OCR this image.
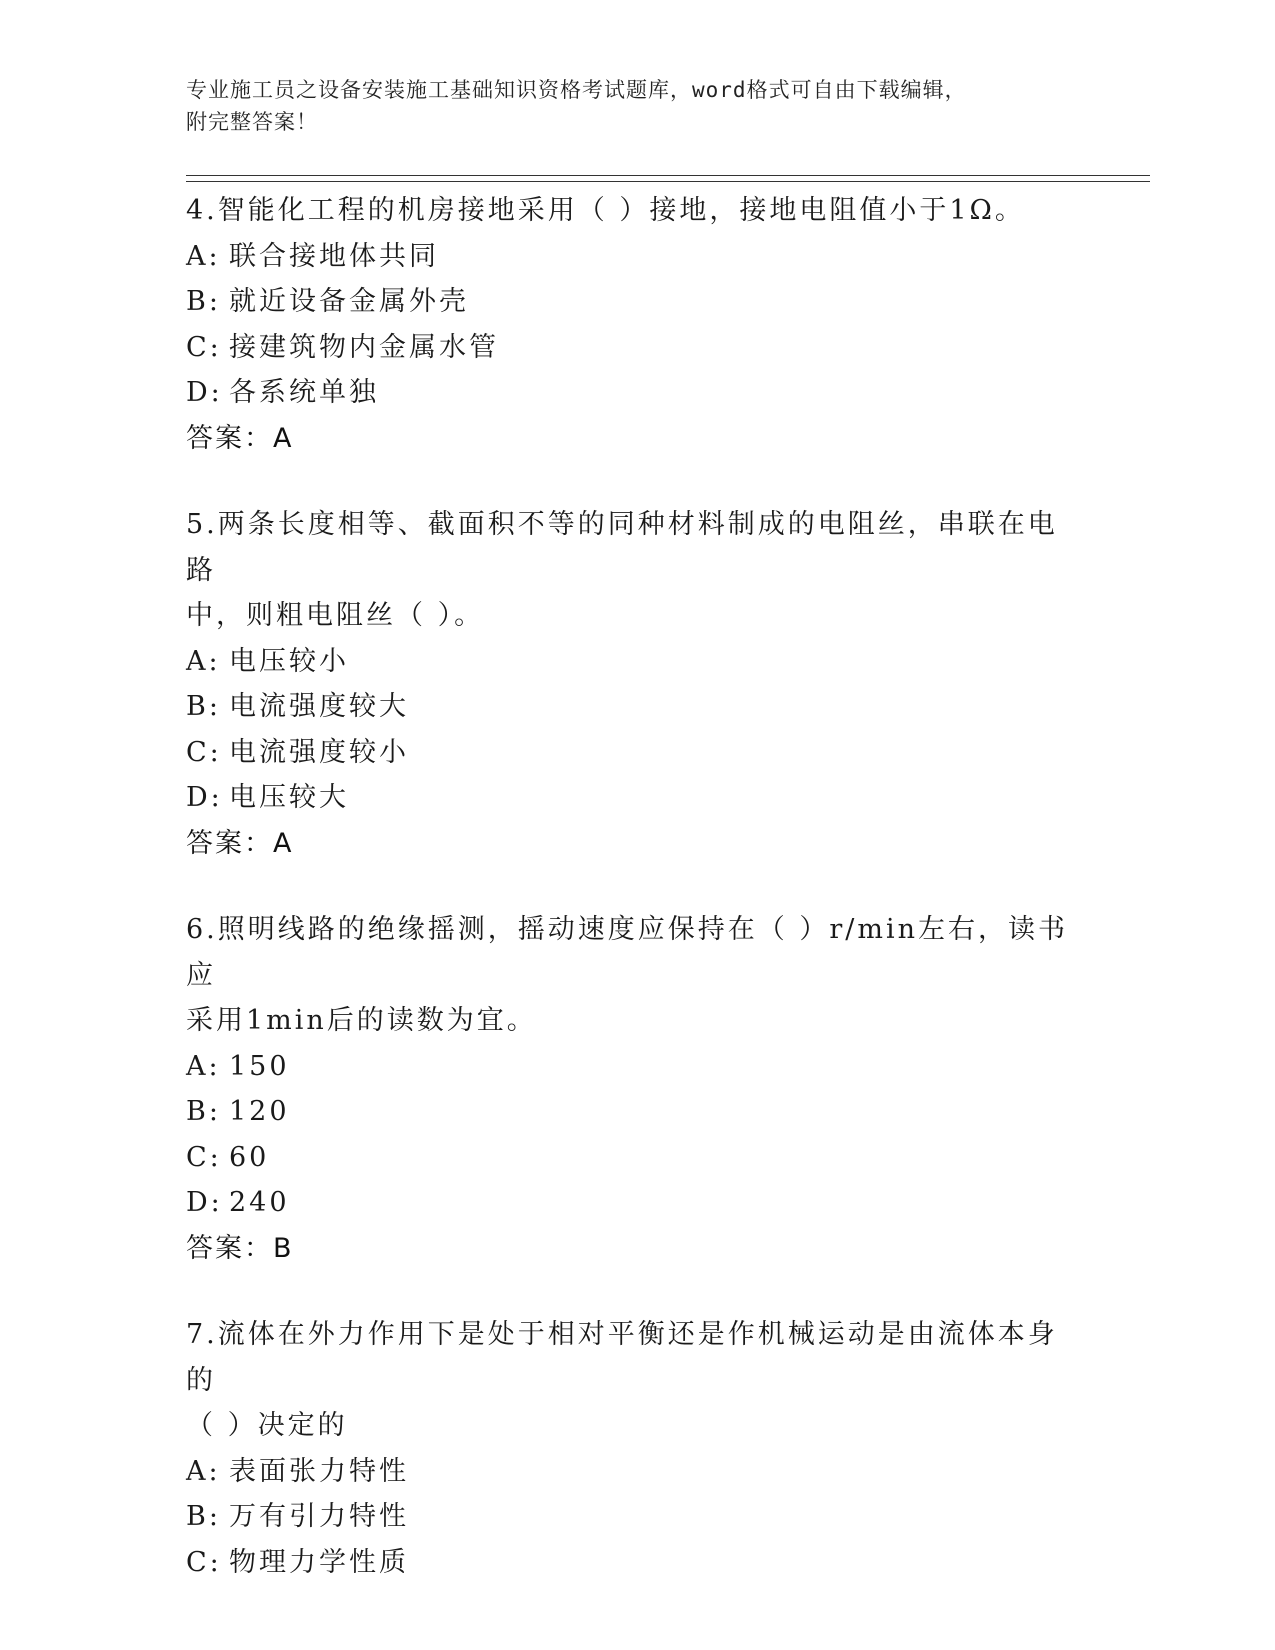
专业施工员之设备安装施工基础知识资格考试题库，word格式可自由下载编辑，
附完整答案！
4.智能化工程的机房接地采用（ ）接地，接地电阻值小于1Ω。
A: 联合接地体共同
B: 就近设备金属外壳
C: 接建筑物内金属水管
D: 各系统单独
答案：A
5.两条长度相等、截面积不等的同种材料制成的电阻丝，串联在电路
中，则粗电阻丝（ ）。
A: 电压较小
B: 电流强度较大
C: 电流强度较小
D: 电压较大
答案：A
6.照明线路的绝缘摇测，摇动速度应保持在（ ）r/min左右，读书应
采用1min后的读数为宜。
A: 150
B: 120
C: 60
D: 240
答案：B
7.流体在外力作用下是处于相对平衡还是作机械运动是由流体本身的
（ ）决定的
A: 表面张力特性
B: 万有引力特性
C: 物理力学性质
